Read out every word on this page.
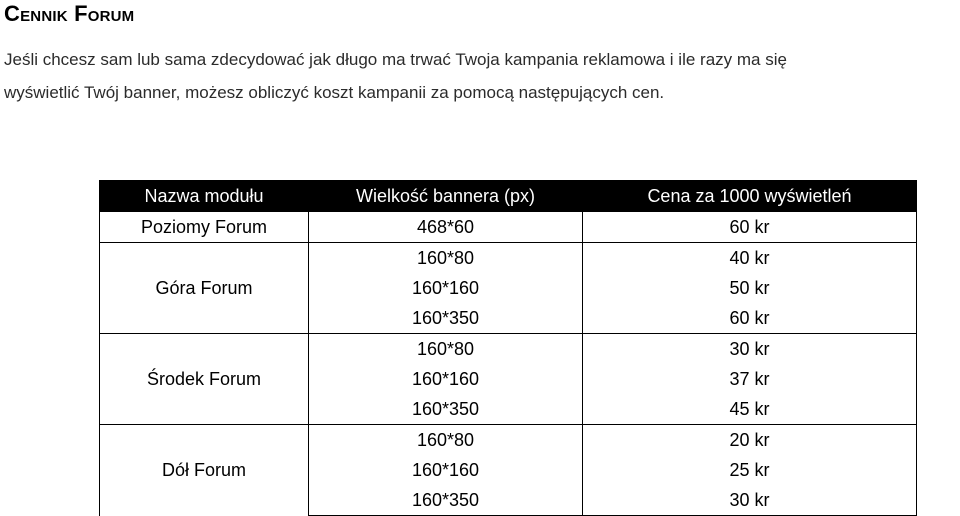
Cennik Forum

Jeśli chcesz sam lub sama zdecydować jak długo ma trwać Twoja kampania reklamowa i ile razy ma się
wyświetlić Twój banner, możesz obliczyć koszt kampanii za pomocą następujących cen.

Nazwa modułu	Wielkość bannera (px)	Cena za 1000 wyświetleń
Poziomy Forum	468*60	60 kr
Góra Forum	160*80	40 kr
	160*160	50 kr
	160*350	60 kr
Środek Forum	160*80	30 kr
	160*160	37 kr
	160*350	45 kr
Dół Forum	160*80	20 kr
	160*160	25 kr
	160*350	30 kr
